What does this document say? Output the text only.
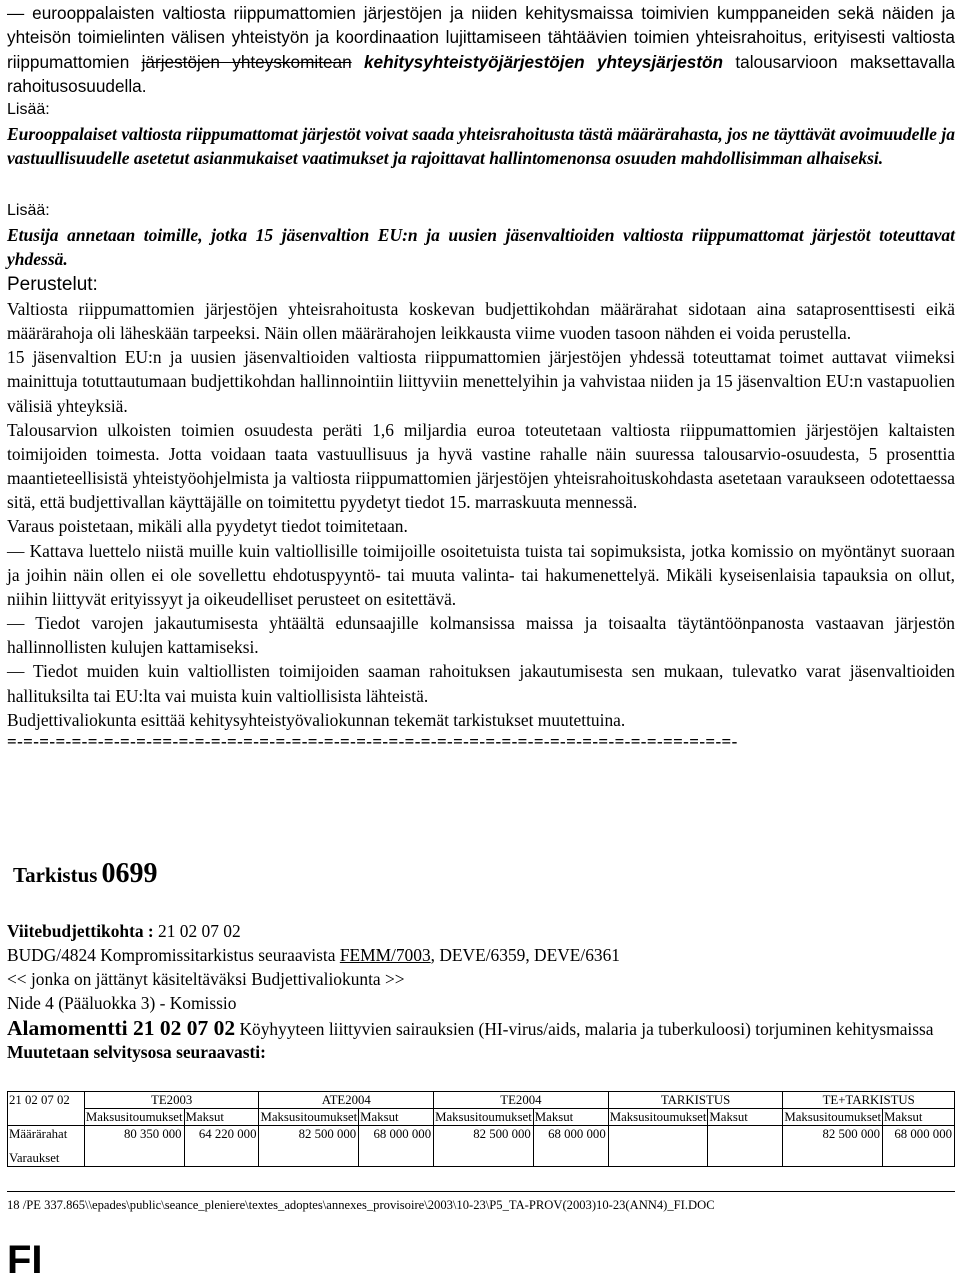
— eurooppalaisten valtiosta riippumattomien järjestöjen ja niiden kehitysmaissa toimivien kumppaneiden sekä näiden ja yhteisön toimielinten välisen yhteistyön ja koordinaation lujittamiseen tähtäävien toimien yhteisrahoitus, erityisesti valtiosta riippumattomien järjestöjen yhteyskomitean kehitysyhteistyöjärjestöjen yhteysjärjestön talousarvioon maksettavalla rahoitusosuudella.
Lisää:
Eurooppalaiset valtiosta riippumattomat järjestöt voivat saada yhteisrahoitusta tästä määrärahasta, jos ne täyttävät avoimuudelle ja vastuullisuudelle asetetut asianmukaiset vaatimukset ja rajoittavat hallintomenonsa osuuden mahdollisimman alhaiseksi.
Lisää:
Etusija annetaan toimille, jotka 15 jäsenvaltion EU:n ja uusien jäsenvaltioiden valtiosta riippumattomat järjestöt toteuttavat yhdessä.
Perustelut:
Valtiosta riippumattomien järjestöjen yhteisrahoitusta koskevan budjettikohdan määrärahat sidotaan aina sataprosenttisesti eikä määrärahoja oli läheskään tarpeeksi. Näin ollen määrärahojen leikkausta viime vuoden tasoon nähden ei voida perustella.
15 jäsenvaltion EU:n ja uusien jäsenvaltioiden valtiosta riippumattomien järjestöjen yhdessä toteuttamat toimet auttavat viimeksi mainittuja totuttautumaan budjettikohdan hallinnointiin liittyviin menettelyihin ja vahvistaa niiden ja 15 jäsenvaltion EU:n vastapuolien välisiä yhteyksiä.
Talousarvion ulkoisten toimien osuudesta peräti 1,6 miljardia euroa toteutetaan valtiosta riippumattomien järjestöjen kaltaisten toimijoiden toimesta. Jotta voidaan taata vastuullisuus ja hyvä vastine rahalle näin suuressa talousarvio-osuudesta, 5 prosenttia maantieteellisistä yhteistyöohjelmista ja valtiosta riippumattomien järjestöjen yhteisrahoituskohdasta asetetaan varaukseen odotettaessa sitä, että budjettivallan käyttäjälle on toimitettu pyydetyt tiedot 15. marraskuuta mennessä.
Varaus poistetaan, mikäli alla pyydetyt tiedot toimitetaan.
— Kattava luettelo niistä muille kuin valtiollisille toimijoille osoitetuista tuista tai sopimuksista, jotka komissio on myöntänyt suoraan ja joihin näin ollen ei ole sovellettu ehdotuspyyntö- tai muuta valinta- tai hakumenettelyä. Mikäli kyseisenlaisia tapauksia on ollut, niihin liittyvät erityissyyt ja oikeudelliset perusteet on esitettävä.
— Tiedot varojen jakautumisesta yhtäältä edunsaajille kolmansissa maissa ja toisaalta täytäntöönpanosta vastaavan järjestön hallinnollisten kulujen kattamiseksi.
— Tiedot muiden kuin valtiollisten toimijoiden saaman rahoituksen jakautumisesta sen mukaan, tulevatko varat jäsenvaltioiden hallituksilta tai EU:lta vai muista kuin valtiollisista lähteistä.
Budjettivaliokunta esittää kehitysyhteistyövaliokunnan tekemät tarkistukset muutettuina.
=-=-=-=-=-=-=-=-=-==-=-=-=-=-=-=-=-=-=-=-=-=-=-=-=-=-=-=-=-=-=-=-=-=-=-=-=-=-=-=-==-=-=-=-
Tarkistus 0699
Viitebudjettikohta : 21 02 07 02
BUDG/4824 Kompromissitarkistus seuraavista FEMM/7003, DEVE/6359, DEVE/6361
<< jonka on jättänyt käsiteltäväksi Budjettivaliokunta >>
Nide 4 (Pääluokka 3) - Komissio
Alamomentti 21 02 07 02 Köyhyyteen liittyvien sairauksien (HI-virus/aids, malaria ja tuberkuloosi) torjuminen kehitysmaissa
Muutetaan selvitysosa seuraavasti:
21 02 07 02	TE2003		ATE2004		TE2004		TARKISTUS		TE+TARKISTUS	
	Maksusitoumukset	Maksut	Maksusitoumukset	Maksut	Maksusitoumukset	Maksut	Maksusitoumukset	Maksut	Maksusitoumukset	Maksut

Määrärahat
Varaukset	80 350 000	64 220 000	82 500 000	68 000 000	82 500 000	68 000 000			82 500 000	68 000 000
18 /PE 337.865\\epades\public\seance_pleniere\textes_adoptes\annexes_provisoire\2003\10-23\P5_TA-PROV(2003)10-23(ANN4)_FI.DOC
FI
